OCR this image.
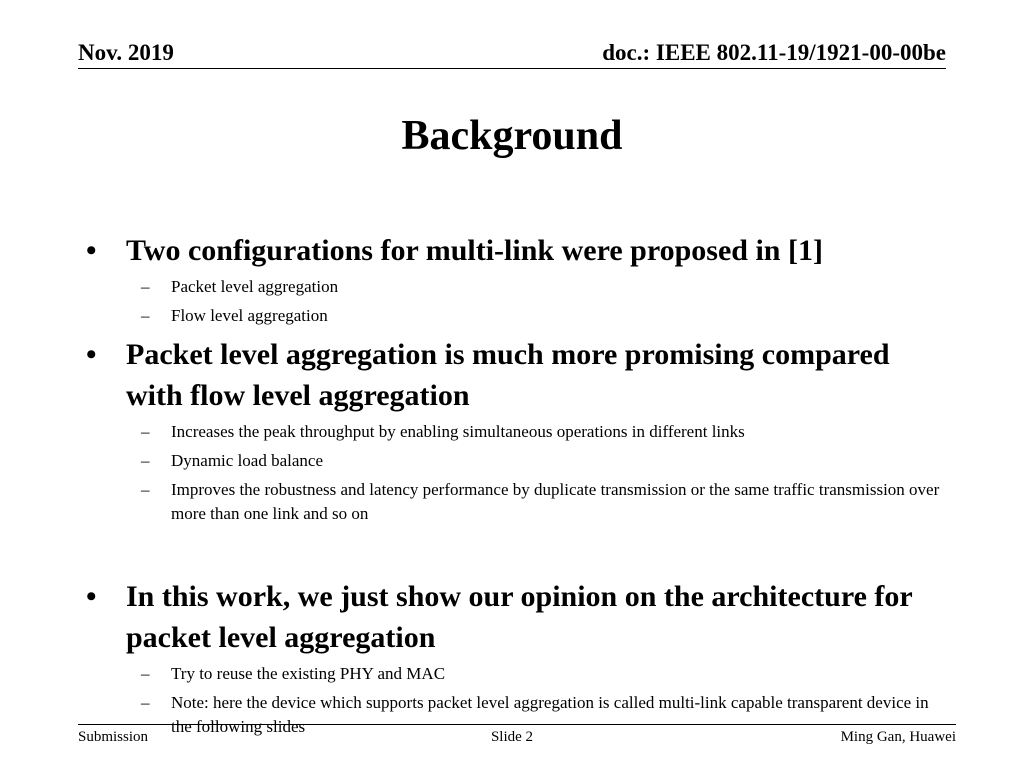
Nov. 2019	doc.: IEEE 802.11-19/1921-00-00be
Background
• Two configurations for multi-link were proposed in [1]
– Packet level aggregation
– Flow level aggregation
• Packet level aggregation is much more promising compared with flow level aggregation
– Increases the peak throughput by enabling simultaneous operations in different links
– Dynamic load balance
– Improves the robustness and latency performance by duplicate transmission or the same traffic transmission over more than one link and so on
• In this work, we just show our opinion on the architecture for packet level aggregation
– Try to reuse the existing PHY and MAC
– Note: here the device which supports packet level aggregation is called multi-link capable transparent device in the following slides
Submission	Slide 2	Ming Gan, Huawei
